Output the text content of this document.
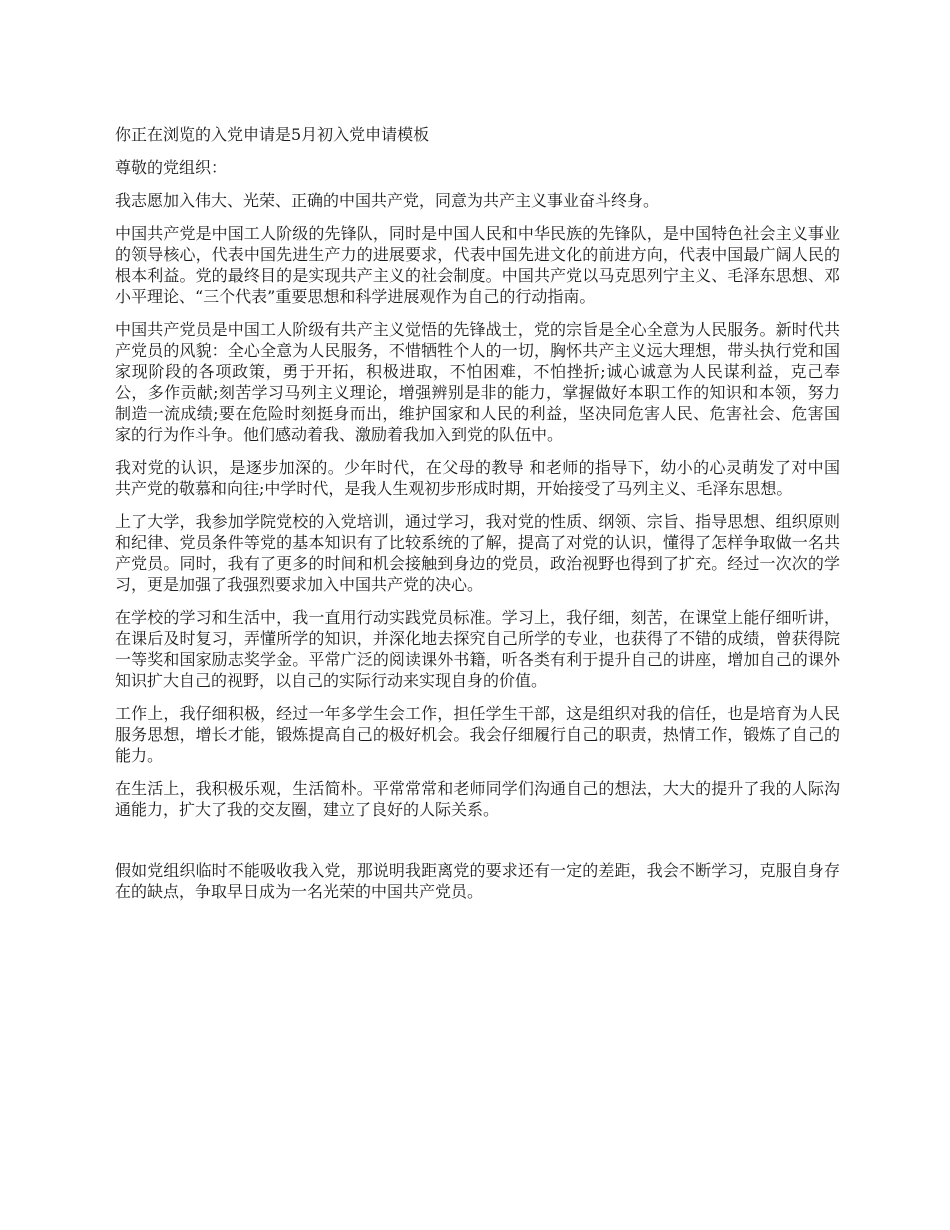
你正在浏览的入党申请是5月初入党申请模板

尊敬的党组织：

我志愿加入伟大、光荣、正确的中国共产党，同意为共产主义事业奋斗终身。

中国共产党是中国工人阶级的先锋队，同时是中国人民和中华民族的先锋队，是中国特色社会主义事业的领导核心，代表中国先进生产力的进展要求，代表中国先进文化的前进方向，代表中国最广阔人民的根本利益。党的最终目的是实现共产主义的社会制度。中国共产党以马克思列宁主义、毛泽东思想、邓小平理论、“三个代表”重要思想和科学进展观作为自己的行动指南。

中国共产党员是中国工人阶级有共产主义觉悟的先锋战士，党的宗旨是全心全意为人民服务。新时代共产党员的风貌：全心全意为人民服务，不惜牺牲个人的一切，胸怀共产主义远大理想，带头执行党和国家现阶段的各项政策，勇于开拓，积极进取，不怕困难，不怕挫折;诚心诚意为人民谋利益，克己奉公，多作贡献;刻苦学习马列主义理论，增强辨别是非的能力，掌握做好本职工作的知识和本领，努力制造一流成绩;要在危险时刻挺身而出，维护国家和人民的利益，坚决同危害人民、危害社会、危害国家的行为作斗争。他们感动着我、激励着我加入到党的队伍中。

我对党的认识，是逐步加深的。少年时代，在父母的教导 和老师的指导下，幼小的心灵萌发了对中国共产党的敬慕和向往;中学时代，是我人生观初步形成时期，开始接受了马列主义、毛泽东思想。

上了大学，我参加学院党校的入党培训，通过学习，我对党的性质、纲领、宗旨、指导思想、组织原则和纪律、党员条件等党的基本知识有了比较系统的了解，提高了对党的认识，懂得了怎样争取做一名共产党员。同时，我有了更多的时间和机会接触到身边的党员，政治视野也得到了扩充。经过一次次的学习，更是加强了我强烈要求加入中国共产党的决心。

在学校的学习和生活中，我一直用行动实践党员标准。学习上，我仔细，刻苦，在课堂上能仔细听讲，在课后及时复习，弄懂所学的知识，并深化地去探究自己所学的专业，也获得了不错的成绩，曾获得院一等奖和国家励志奖学金。平常广泛的阅读课外书籍，听各类有利于提升自己的讲座，增加自己的课外知识扩大自己的视野，以自己的实际行动来实现自身的价值。

工作上，我仔细积极，经过一年多学生会工作，担任学生干部，这是组织对我的信任，也是培育为人民服务思想，增长才能，锻炼提高自己的极好机会。我会仔细履行自己的职责，热情工作，锻炼了自己的能力。

在生活上，我积极乐观，生活简朴。平常常常和老师同学们沟通自己的想法，大大的提升了我的人际沟通能力，扩大了我的交友圈，建立了良好的人际关系。

假如党组织临时不能吸收我入党，那说明我距离党的要求还有一定的差距，我会不断学习，克服自身存在的缺点，争取早日成为一名光荣的中国共产党员。
